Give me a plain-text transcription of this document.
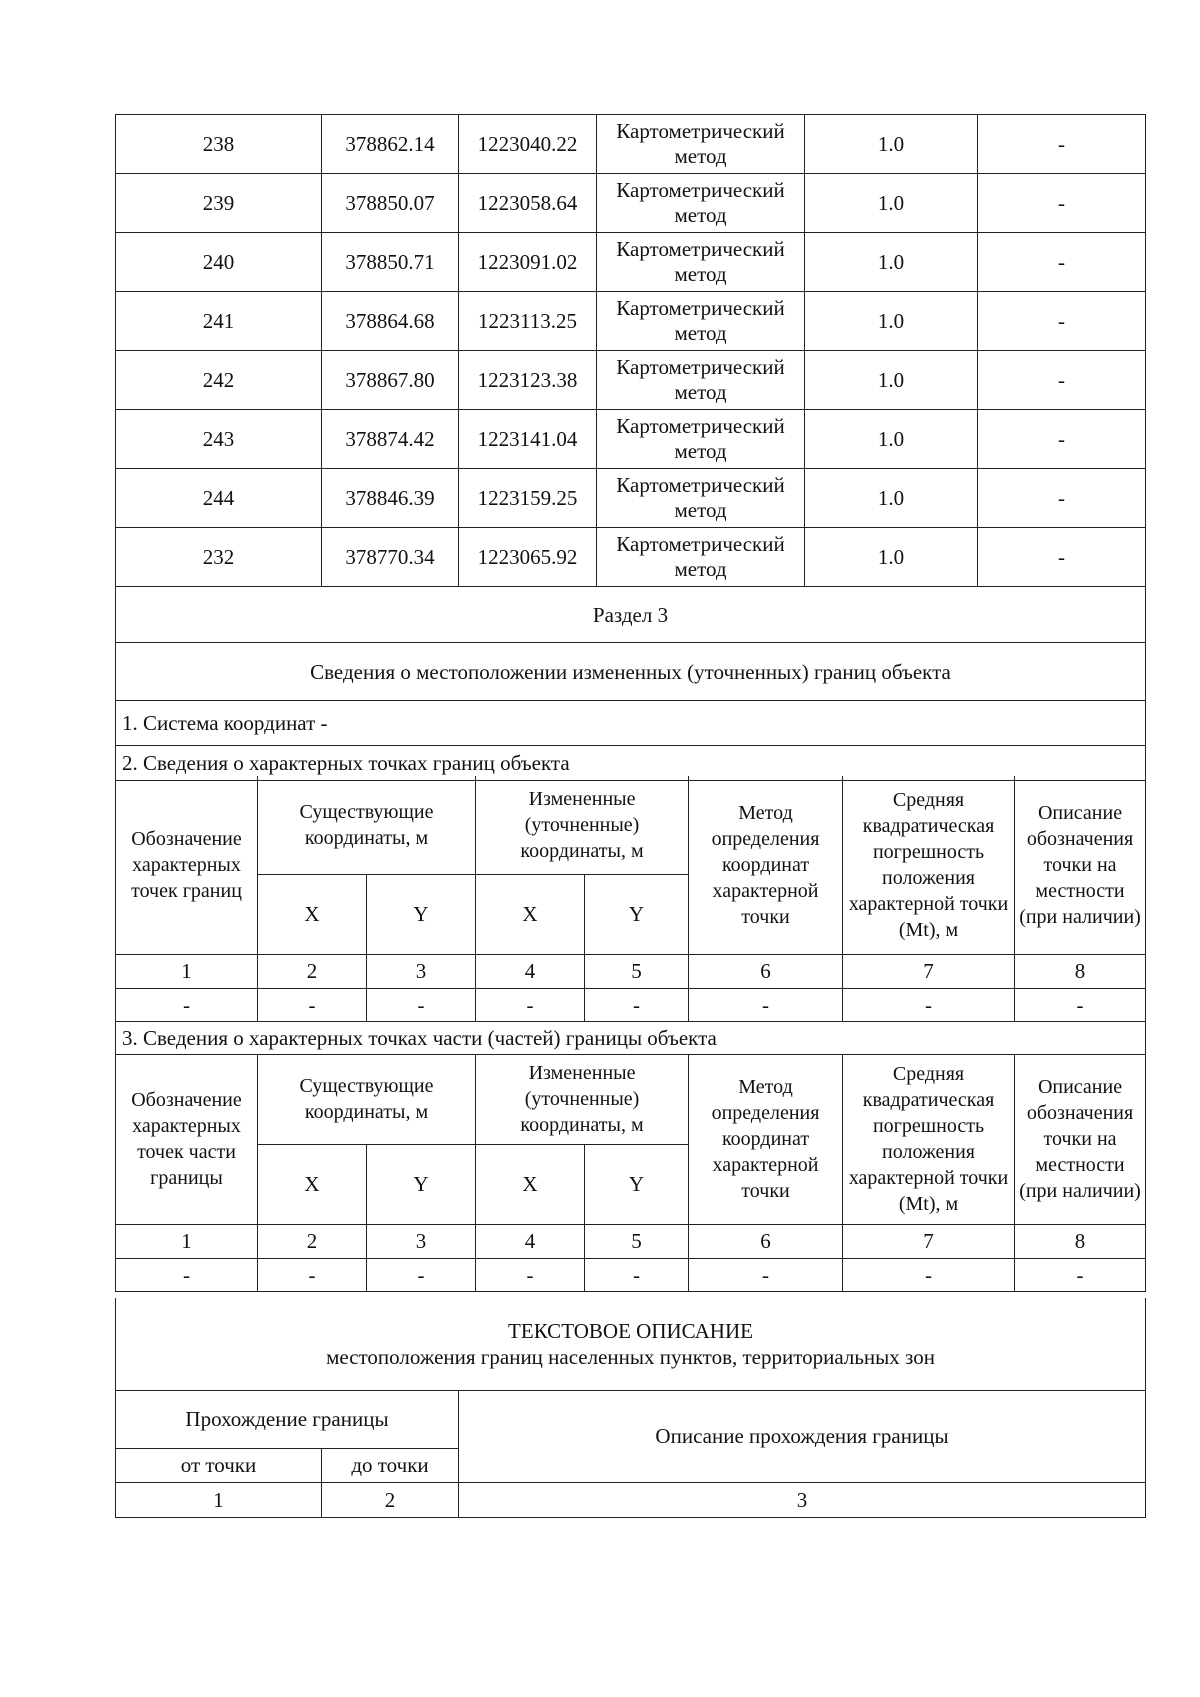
238	378862.14	1223040.22	Картометрический метод	1.0	-
239	378850.07	1223058.64	Картометрический метод	1.0	-
240	378850.71	1223091.02	Картометрический метод	1.0	-
241	378864.68	1223113.25	Картометрический метод	1.0	-
242	378867.80	1223123.38	Картометрический метод	1.0	-
243	378874.42	1223141.04	Картометрический метод	1.0	-
244	378846.39	1223159.25	Картометрический метод	1.0	-
232	378770.34	1223065.92	Картометрический метод	1.0	-
Раздел 3					
Сведения о местоположении измененных (уточненных) границ объекта					
1. Система координат -					
2. Сведения о характерных точках границ объекта					
Обозначение характерных точек границ	Существующие координаты, м		Измененные (уточненные) координаты, м		Метод определения координат характерной точки	Средняя квадратическая погрешность положения характерной точки (Mt), м	Описание обозначения точки на местности (при наличии)
	X	Y	X	Y			
1	2	3	4	5	6	7	8
-	-	-	-	-	-	-	-
3. Сведения о характерных точках части (частей) границы объекта							
Обозначение характерных точек части границы	Существующие координаты, м		Измененные (уточненные) координаты, м		Метод определения координат характерной точки	Средняя квадратическая погрешность положения характерной точки (Mt), м	Описание обозначения точки на местности (при наличии)
	X	Y	X	Y			
1	2	3	4	5	6	7	8
-	-	-	-	-	-	-	-
ТЕКСТОВОЕ ОПИСАНИЕ
местоположения границ населенных пунктов, территориальных зон		

Прохождение границы		Описание прохождения границы
от точки	до точки	
1	2	3
